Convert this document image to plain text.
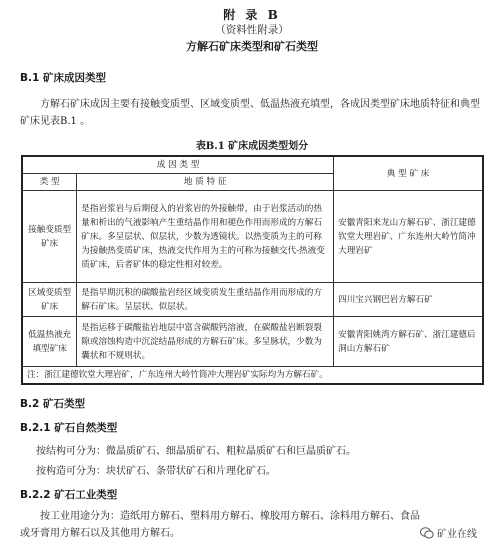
附 录 B
（资料性附录）
方解石矿床类型和矿石类型
B.1 矿床成因类型
方解石矿床成因主要有接触变质型、区域变质型、低温热液充填型，各成因类型矿床地质特征和典型矿床见表B.1 。
表B.1 矿床成因类型划分
成 因 类 型		典 型 矿 床
类 型	地 质 特 征	
接触变质型矿床	是指岩浆岩与后期侵入的岩浆岩的外接触带，由于岩浆活动的热量和析出的气液影响产生重结晶作用和褪色作用而形成的方解石矿床。多呈层状、似层状，少数为透镜状。以热变质为主的可称为接触热变质矿床，热液交代作用为主的可称为接触交代-热液变质矿床，后者矿体的稳定性相对较差。	安徽青阳来龙山方解石矿、浙江建德钦堂大理岩矿、广东连州大岭竹筒冲大理岩矿
区域变质型矿床	是指早期沉积的碳酸盐岩经区域变质发生重结晶作用而形成的方解石矿床。呈层状、似层状。	四川宝兴钢巴岩方解石矿
低温热液充填型矿床	是指运移于碳酸盐岩地层中富含碳酸钙溶液，在碳酸盐岩断裂裂隙或溶蚀构造中沉淀结晶形成的方解石矿床。多呈脉状，少数为囊状和不规则状。	安徽青阳姚湾方解石矿、浙江建德后洞山方解石矿
注：浙江建德钦堂大理岩矿，广东连州大岭竹筒冲大理岩矿实际均为方解石矿。		
B.2 矿石类型
B.2.1 矿石自然类型
按结构可分为：微晶质矿石、细晶质矿石、粗粒晶质矿石和巨晶质矿石。
按构造可分为：块状矿石、条带状矿石和片理化矿石。
B.2.2 矿石工业类型
按工业用途分为：造纸用方解石、塑料用方解石、橡胶用方解石、涂料用方解石、食品或牙膏用方解石以及其他用方解石。	矿业在线
